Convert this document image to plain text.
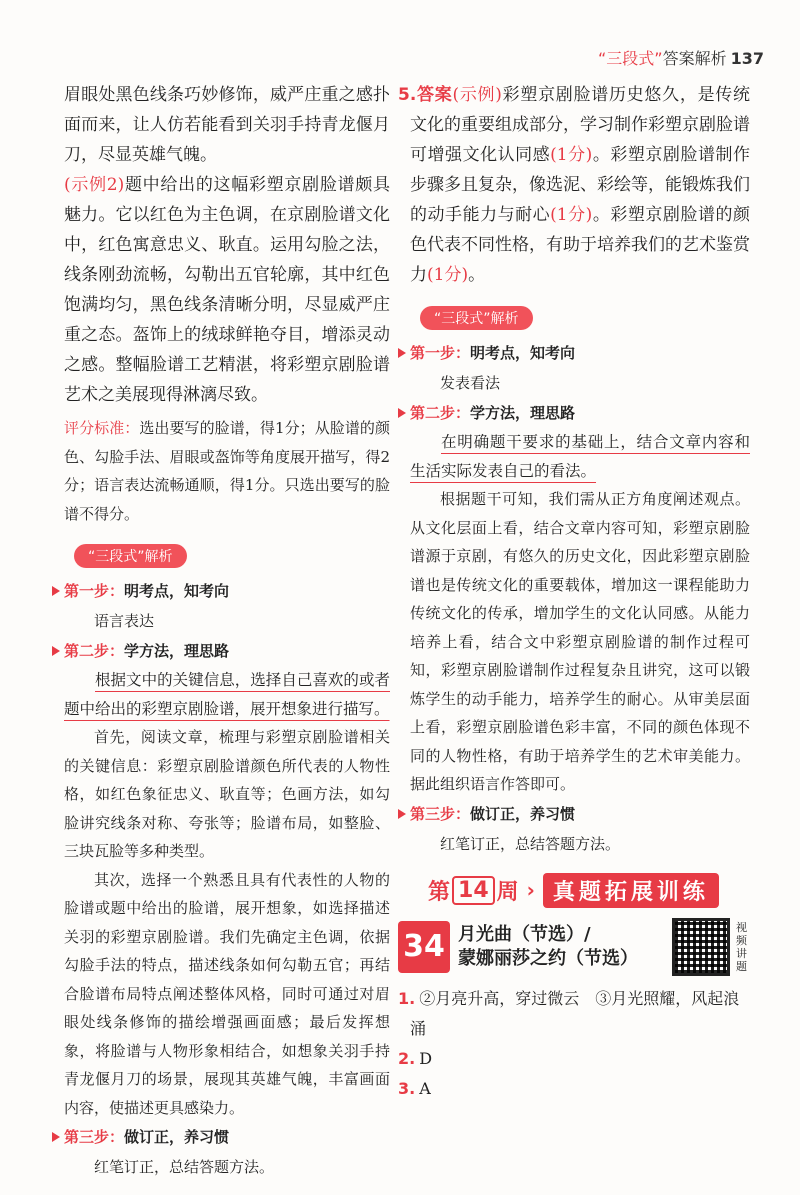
“三段式”答案解析 137

眉眼处黑色线条巧妙修饰，威严庄重之感扑面而来，让人仿若能看到关羽手持青龙偃月刀，尽显英雄气魄。

(示例2)题中给出的这幅彩塑京剧脸谱颇具魅力。它以红色为主色调，在京剧脸谱文化中，红色寓意忠义、耿直。运用勾脸之法，线条刚劲流畅，勾勒出五官轮廓，其中红色饱满均匀，黑色线条清晰分明，尽显威严庄重之态。盔饰上的绒球鲜艳夺目，增添灵动之感。整幅脸谱工艺精湛，将彩塑京剧脸谱艺术之美展现得淋漓尽致。

评分标准：选出要写的脸谱，得1分；从脸谱的颜色、勾脸手法、眉眼或盔饰等角度展开描写，得2分；语言表达流畅通顺，得1分。只选出要写的脸谱不得分。

“三段式”解析
第一步：明考点，知考向
语言表达
第二步：学方法，理思路

根据文中的关键信息，选择自己喜欢的或者题中给出的彩塑京剧脸谱，展开想象进行描写。

首先，阅读文章，梳理与彩塑京剧脸谱相关的关键信息：彩塑京剧脸谱颜色所代表的人物性格，如红色象征忠义、耿直等；色画方法，如勾脸讲究线条对称、夸张等；脸谱布局，如整脸、三块瓦脸等多种类型。

其次，选择一个熟悉且具有代表性的人物的脸谱或题中给出的脸谱，展开想象，如选择描述关羽的彩塑京剧脸谱。我们先确定主色调，依据勾脸手法的特点，描述线条如何勾勒五官；再结合脸谱布局特点阐述整体风格，同时可通过对眉眼处线条修饰的描绘增强画面感；最后发挥想象，将脸谱与人物形象相结合，如想象关羽手持青龙偃月刀的场景，展现其英雄气魄，丰富画面内容，使描述更具感染力。

第三步：做订正，养习惯
红笔订正，总结答题方法。

5.答案(示例)彩塑京剧脸谱历史悠久，是传统文化的重要组成部分，学习制作彩塑京剧脸谱可增强文化认同感(1分)。彩塑京剧脸谱制作步骤多且复杂，像选泥、彩绘等，能锻炼我们的动手能力与耐心(1分)。彩塑京剧脸谱的颜色代表不同性格，有助于培养我们的艺术鉴赏力(1分)。

“三段式”解析
第一步：明考点，知考向
发表看法
第二步：学方法，理思路

在明确题干要求的基础上，结合文章内容和生活实际发表自己的看法。

根据题干可知，我们需从正方角度阐述观点。从文化层面上看，结合文章内容可知，彩塑京剧脸谱源于京剧，有悠久的历史文化，因此彩塑京剧脸谱也是传统文化的重要载体，增加这一课程能助力传统文化的传承，增加学生的文化认同感。从能力培养上看，结合文中彩塑京剧脸谱的制作过程可知，彩塑京剧脸谱制作过程复杂且讲究，这可以锻炼学生的动手能力，培养学生的耐心。从审美层面上看，彩塑京剧脸谱色彩丰富，不同的颜色体现不同的人物性格，有助于培养学生的艺术审美能力。据此组织语言作答即可。

第三步：做订正，养习惯
红笔订正，总结答题方法。
第 14 周 › 真题拓展训练
34 月光曲（节选）/
蒙娜丽莎之约（节选）
视频讲题

1. ②月亮升高，穿过微云　③月光照耀，风起浪涌

2. D

3. A
